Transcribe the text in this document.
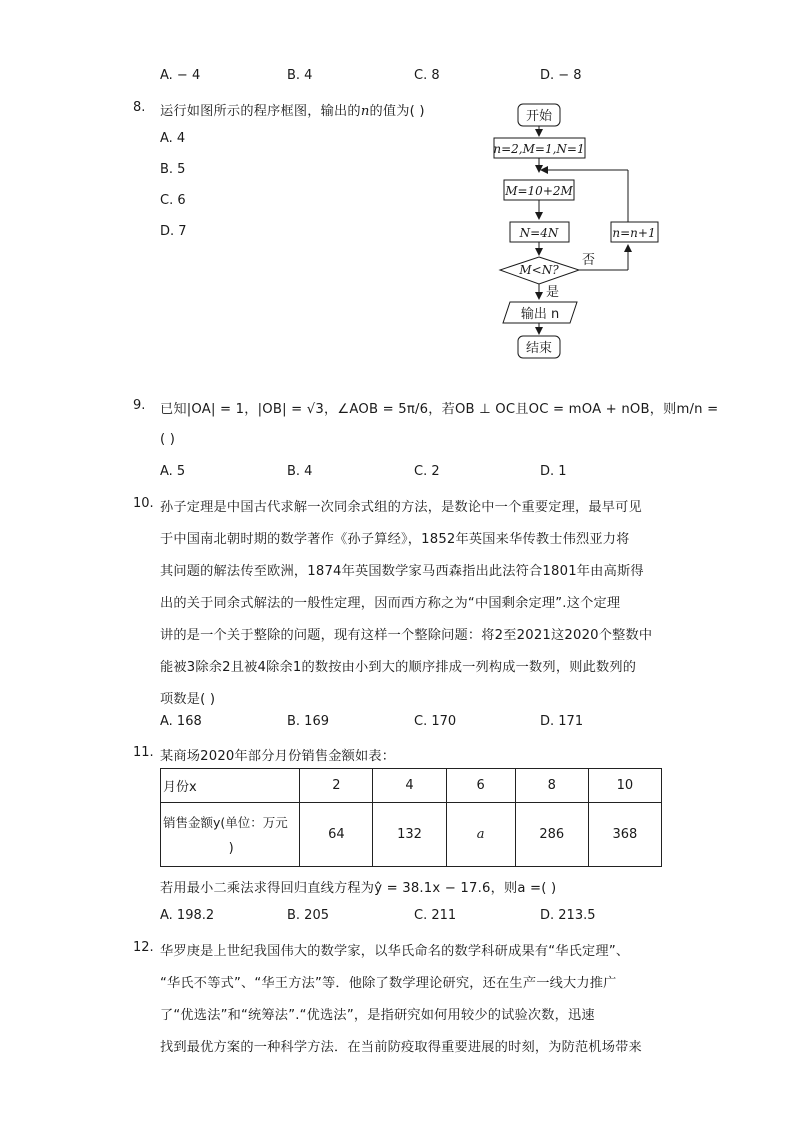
A. − 4	B. 4	C. 8	D. − 8
8. 运行如图所示的程序框图，输出的n的值为( )
A. 4
B. 5
C. 6
D. 7
开始
n=2,M=1,N=1
M=10+2M
N=4N
M<N?
否
是
n=n+1
输出 n
结束
9. 已知|OA| = 1，|OB| = √3，∠AOB = 5π/6，若OB ⊥ OC且OC = mOA + nOB，则m/n =
( )
A. 5	B. 4	C. 2	D. 1
10. 孙子定理是中国古代求解一次同余式组的方法，是数论中一个重要定理，最早可见
于中国南北朝时期的数学著作《孙子算经》，1852年英国来华传教士伟烈亚力将
其问题的解法传至欧洲，1874年英国数学家马西森指出此法符合1801年由高斯得
出的关于同余式解法的一般性定理，因而西方称之为“中国剩余定理”.这个定理
讲的是一个关于整除的问题，现有这样一个整除问题：将2至2021这2020个整数中
能被3除余2且被4除余1的数按由小到大的顺序排成一列构成一数列，则此数列的
项数是( )
A. 168	B. 169	C. 170	D. 171
11. 某商场2020年部分月份销售金额如表：
月份x	2	4	6	8	10

销售金额y(单位：万元
)	64	132	a	286	368
若用最小二乘法求得回归直线方程为ŷ = 38.1x − 17.6，则a =( )
A. 198.2	B. 205	C. 211	D. 213.5
12. 华罗庚是上世纪我国伟大的数学家，以华氏命名的数学科研成果有“华氏定理”、
“华氏不等式”、“华王方法”等．他除了数学理论研究，还在生产一线大力推广
了“优选法”和“统筹法”.“优选法”，是指研究如何用较少的试验次数，迅速
找到最优方案的一种科学方法．在当前防疫取得重要进展的时刻，为防范机场带来
